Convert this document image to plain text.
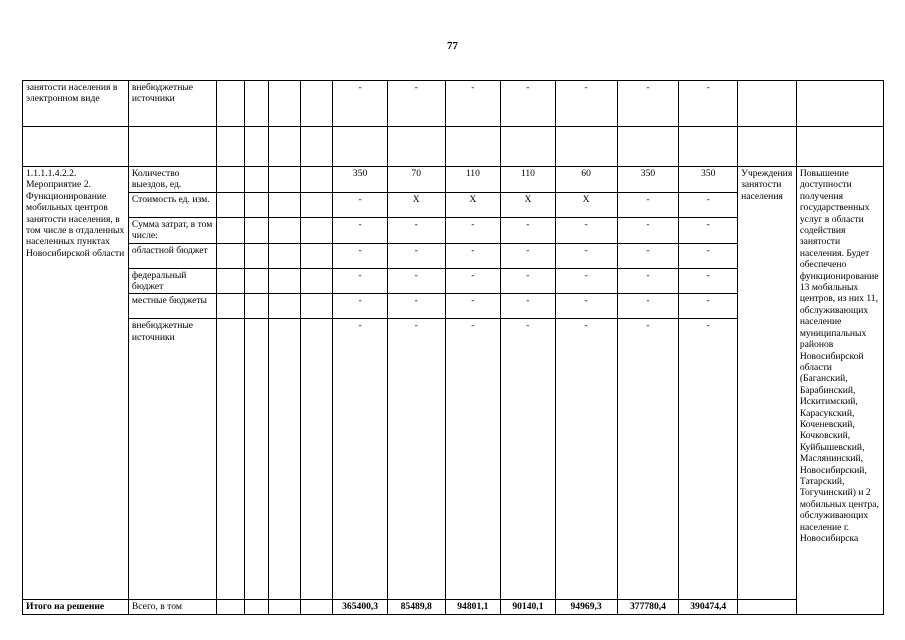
77
занятости населения в электронном виде	внебюджетные источники					-	-	-	-	-	-	-		

1.1.1.1.4.2.2. Мероприятие 2. Функционирование мобильных центров занятости населения, в том числе в отдаленных населенных пунктах Новосибирской области	Количество выездов, ед.					350	70	110	110	60	350	350	Учреждения занятости населения	Повышение доступности получения государственных услуг в области содействия занятости населения. Будет обеспечено функционирование 13 мобильных центров, из них 11, обслуживающих население муниципальных районов Новосибирской области (Баганский, Барабинский, Искитимский, Карасукский, Коченевский, Кочковский, Куйбышевский, Маслянинский, Новосибирский, Татарский, Тогучинский) и 2 мобильных центра, обслуживающих население г. Новосибирска
	Стоимость ед. изм.					-	X	X	X	X	-	-		
	Сумма затрат, в том числе:					-	-	-	-	-	-	-		
	областной бюджет					-	-	-	-	-	-	-		
	федеральный бюджет					-	-	-	-	-	-	-		
	местные бюджеты					-	-	-	-	-	-	-		
	внебюджетные источники					-	-	-	-	-	-	-		
Итого на решение	Всего, в том					365400,3	85489,8	94801,1	90140,1	94969,3	377780,4	390474,4		
